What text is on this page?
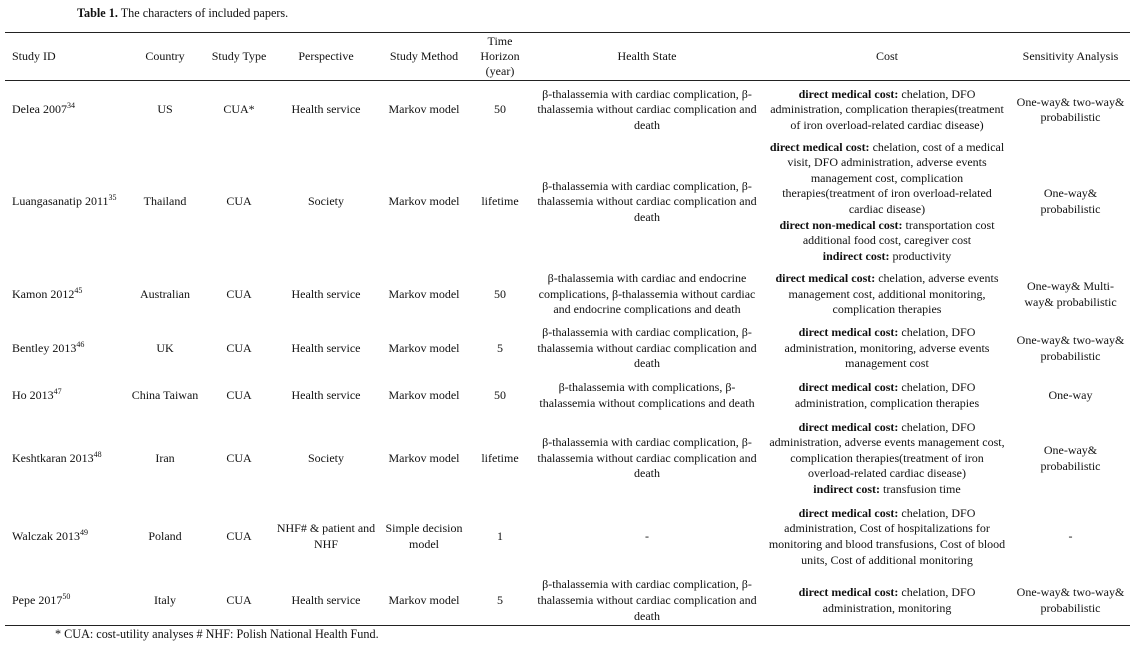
Table 1. The characters of included papers.
Study ID	Country	Study Type	Perspective	Study Method	Time Horizon (year)	Health State	Cost	Sensitivity Analysis
Delea 2007$^{34}$	US	CUA*	Health service	Markov model	50	β-thalassemia with cardiac complication, β-thalassemia without cardiac complication and death	direct medical cost: chelation, DFO administration, complication therapies(treatment of iron overload-related cardiac disease)	One-way& two-way& probabilistic
Luangasanatip 2011$^{35}$	Thailand	CUA	Society	Markov model	lifetime	β-thalassemia with cardiac complication, β-thalassemia without cardiac complication and death	direct medical cost: chelation, cost of a medical visit, DFO administration, adverse events management cost, complication therapies(treatment of iron overload-related cardiac disease)
direct non-medical cost: transportation cost additional food cost, caregiver cost
indirect cost: productivity	One-way& probabilistic
Kamon 2012$^{45}$	Australian	CUA	Health service	Markov model	50	β-thalassemia with cardiac and endocrine complications, β-thalassemia without cardiac and endocrine complications and death	direct medical cost: chelation, adverse events management cost, additional monitoring, complication therapies	One-way& Multi-way& probabilistic
Bentley 2013$^{46}$	UK	CUA	Health service	Markov model	5	β-thalassemia with cardiac complication, β-thalassemia without cardiac complication and death	direct medical cost: chelation, DFO administration, monitoring, adverse events management cost	One-way& two-way& probabilistic
Ho 2013$^{47}$	China Taiwan	CUA	Health service	Markov model	50	β-thalassemia with complications, β-thalassemia without complications and death	direct medical cost: chelation, DFO administration, complication therapies	One-way
Keshtkaran 2013$^{48}$	Iran	CUA	Society	Markov model	lifetime	β-thalassemia with cardiac complication, β-thalassemia without cardiac complication and death	direct medical cost: chelation, DFO administration, adverse events management cost, complication therapies(treatment of iron overload-related cardiac disease)
indirect cost: transfusion time	One-way& probabilistic
Walczak 2013$^{49}$	Poland	CUA	NHF# & patient and NHF	Simple decision model	1	-	direct medical cost: chelation, DFO administration, Cost of hospitalizations for monitoring and blood transfusions, Cost of blood units, Cost of additional monitoring	-
Pepe 2017$^{50}$	Italy	CUA	Health service	Markov model	5	β-thalassemia with cardiac complication, β-thalassemia without cardiac complication and death	direct medical cost: chelation, DFO administration, monitoring	One-way& two-way& probabilistic
* CUA: cost-utility analyses # NHF: Polish National Health Fund.
